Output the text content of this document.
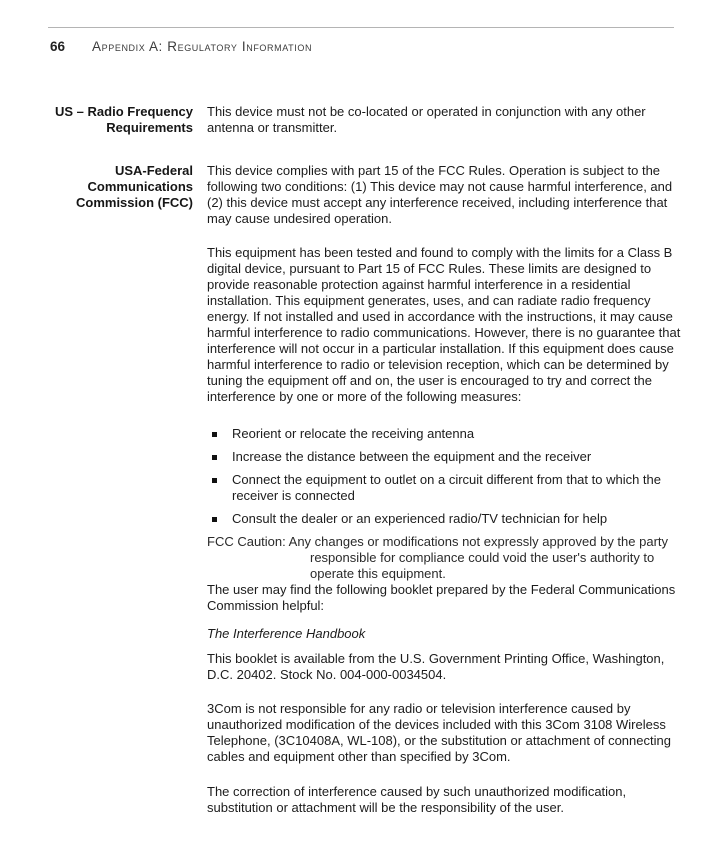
66 Appendix A: Regulatory Information
US – Radio Frequency Requirements

This device must not be co-located or operated in conjunction with any other antenna or transmitter.

USA-Federal Communications Commission (FCC)

This device complies with part 15 of the FCC Rules. Operation is subject to the following two conditions: (1) This device may not cause harmful interference, and (2) this device must accept any interference received, including interference that may cause undesired operation.

This equipment has been tested and found to comply with the limits for a Class B digital device, pursuant to Part 15 of FCC Rules. These limits are designed to provide reasonable protection against harmful interference in a residential installation. This equipment generates, uses, and can radiate radio frequency energy. If not installed and used in accordance with the instructions, it may cause harmful interference to radio communications. However, there is no guarantee that interference will not occur in a particular installation. If this equipment does cause harmful interference to radio or television reception, which can be determined by tuning the equipment off and on, the user is encouraged to try and correct the interference by one or more of the following measures:

Reorient or relocate the receiving antenna
Increase the distance between the equipment and the receiver
Connect the equipment to outlet on a circuit different from that to which the receiver is connected
Consult the dealer or an experienced radio/TV technician for help

FCC Caution: Any changes or modifications not expressly approved by the party responsible for compliance could void the user's authority to operate this equipment.

The user may find the following booklet prepared by the Federal Communications Commission helpful:

The Interference Handbook

This booklet is available from the U.S. Government Printing Office, Washington, D.C. 20402. Stock No. 004-000-0034504.

3Com is not responsible for any radio or television interference caused by unauthorized modification of the devices included with this 3Com 3108 Wireless Telephone, (3C10408A, WL-108), or the substitution or attachment of connecting cables and equipment other than specified by 3Com.

The correction of interference caused by such unauthorized modification, substitution or attachment will be the responsibility of the user.
